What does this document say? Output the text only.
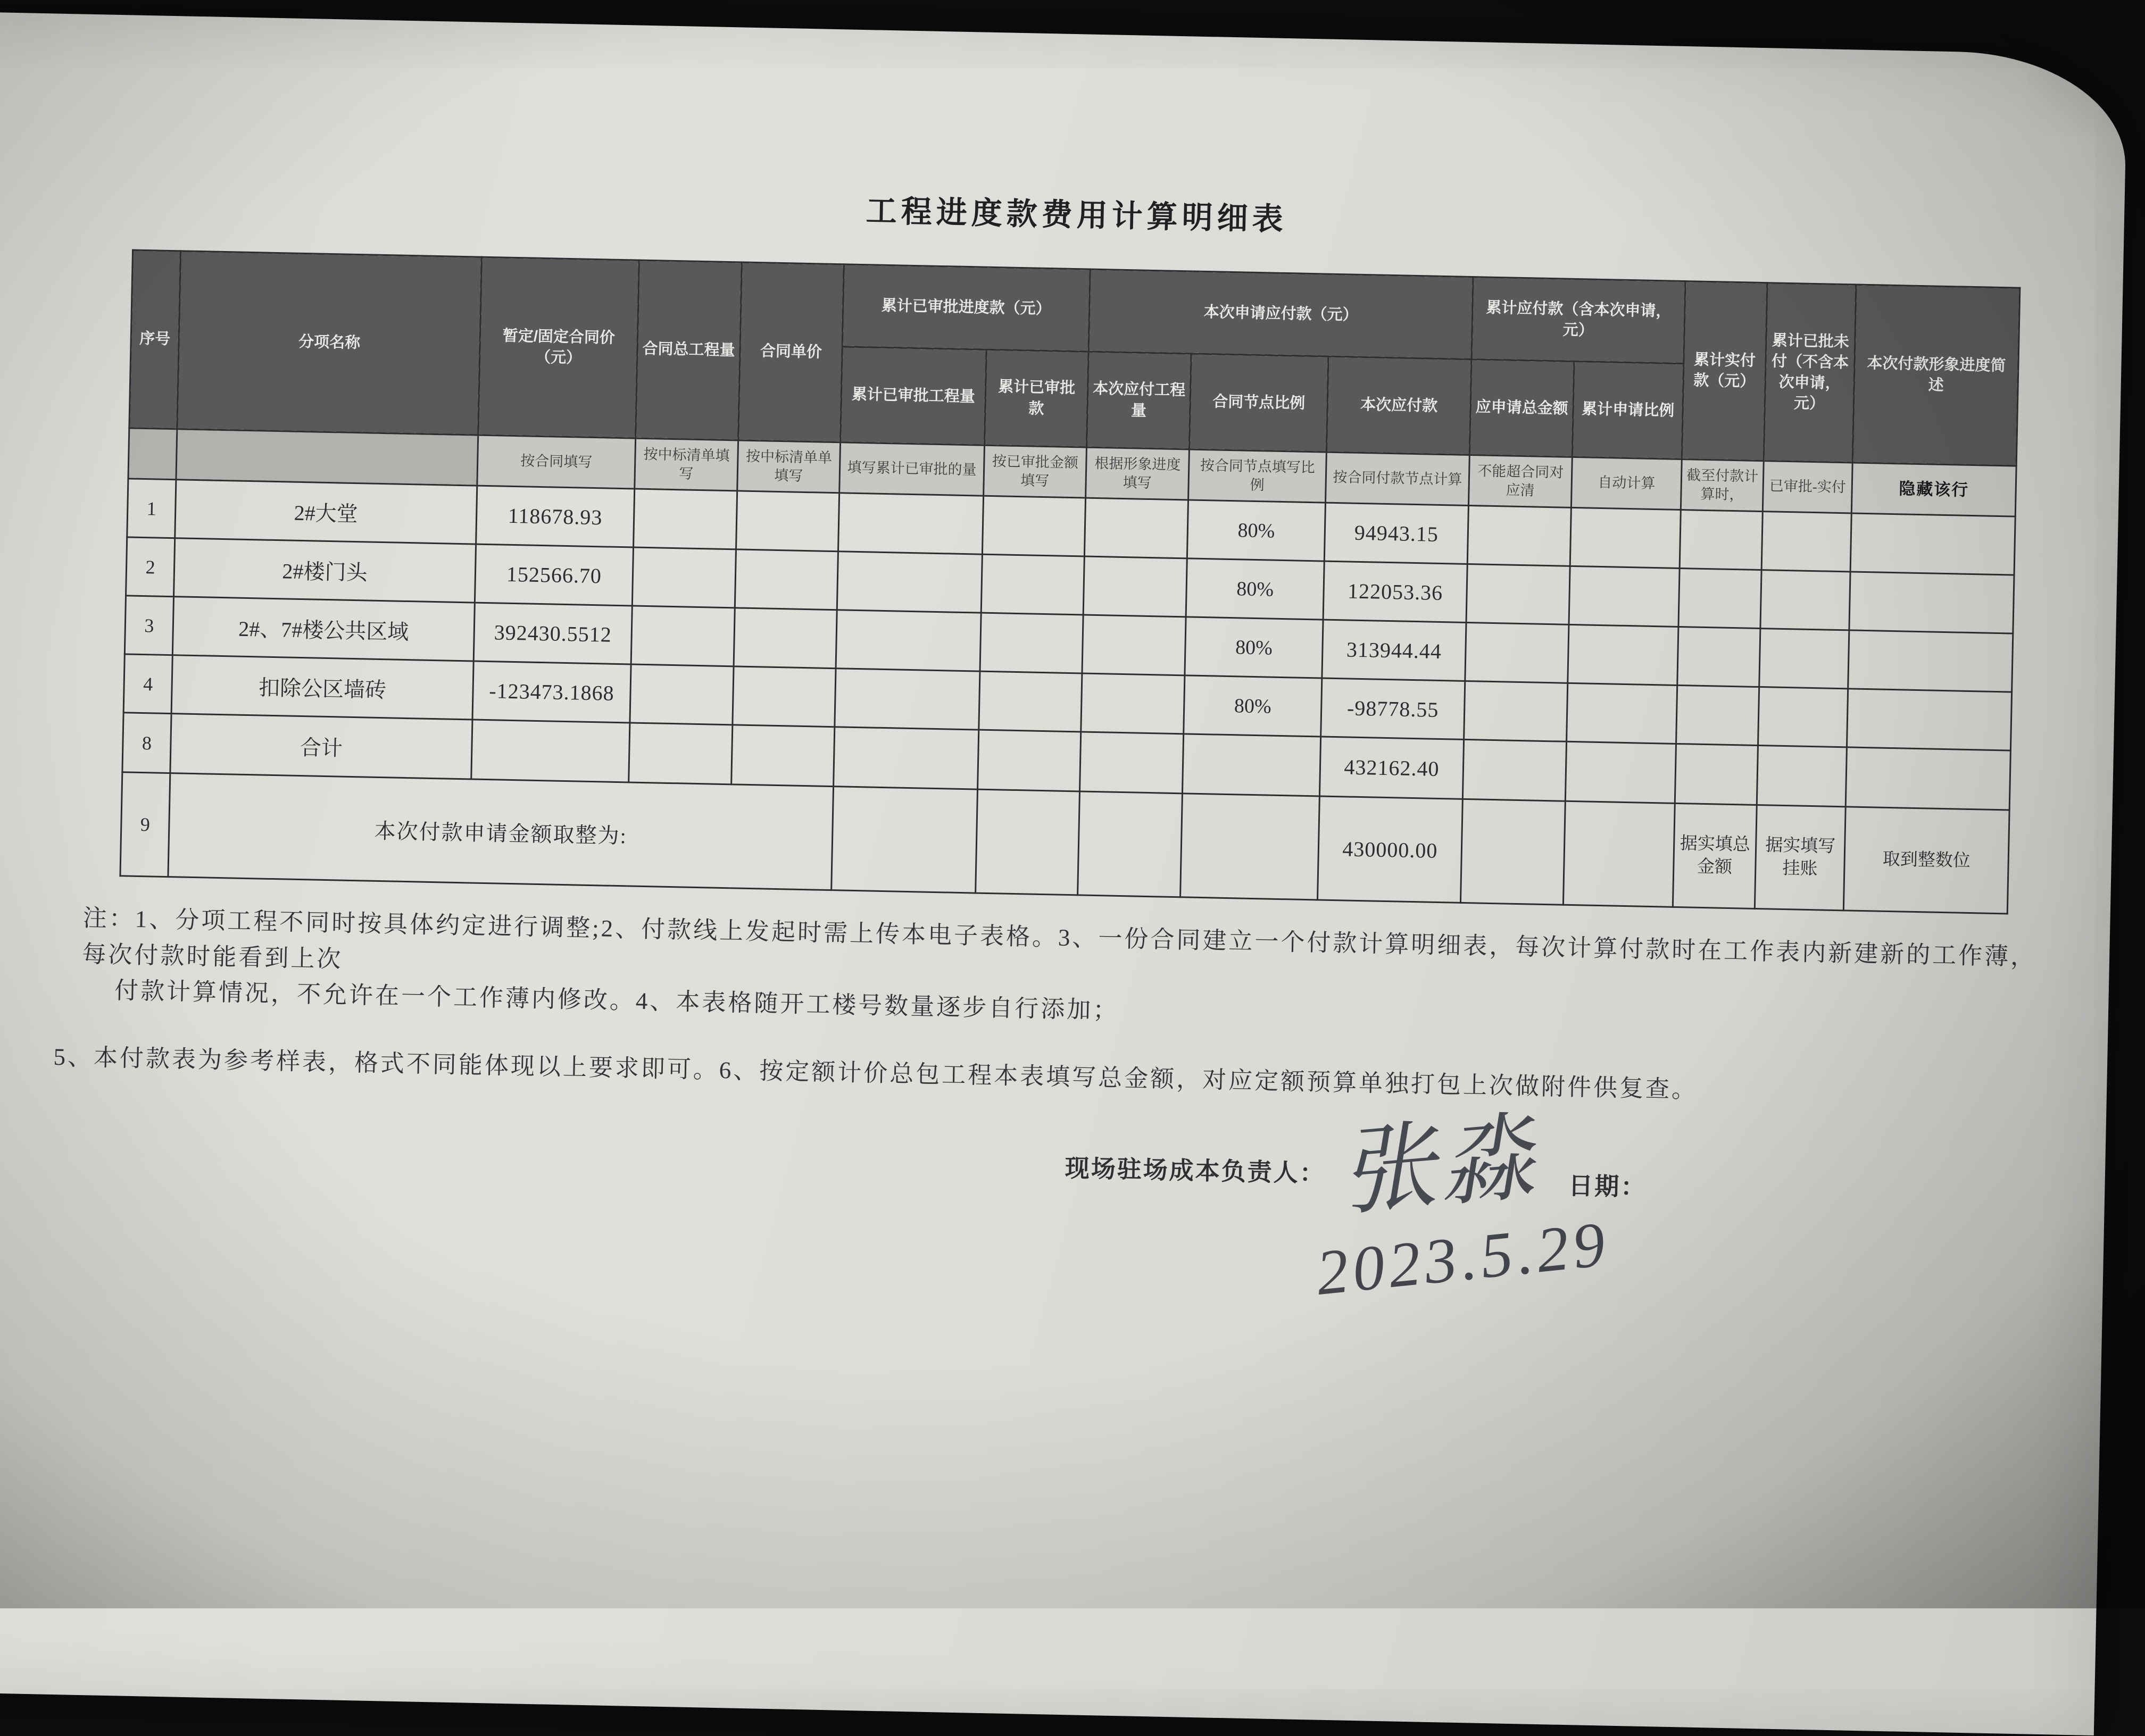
工程进度款费用计算明细表
序号	分项名称	暂定/固定合同价（元）	合同总工程量	合同单价	累计已审批进度款（元）		本次申请应付款（元）			累计应付款（含本次申请，元）		累计实付款（元）	累计已批未付（不含本次申请，元）	本次付款形象进度简述
					累计已审批工程量	累计已审批款	本次应付工程量	合同节点比例	本次应付款	应申请总金额	累计申请比例			
		按合同填写	按中标清单填写	按中标清单单填写	填写累计已审批的量	按已审批金额填写	根据形象进度填写	按合同节点填写比例	按合同付款节点计算	不能超合同对应清	自动计算	截至付款计算时，	已审批-实付	隐藏该行
1	2#大堂	118678.93						80%	94943.15					
2	2#楼门头	152566.70						80%	122053.36					
3	2#、7#楼公共区域	392430.5512						80%	313944.44					
4	扣除公区墙砖	-123473.1868						80%	-98778.55					
8	合计								432162.40					
9	本次付款申请金额取整为:								430000.00			据实填总金额	据实填写挂账	取到整数位
注：1、分项工程不同时按具体约定进行调整;2、付款线上发起时需上传本电子表格。3、一份合同建立一个付款计算明细表，每次计算付款时在工作表内新建新的工作薄，每次付款时能看到上次
付款计算情况，不允许在一个工作薄内修改。4、本表格随开工楼号数量逐步自行添加；
5、本付款表为参考样表，格式不同能体现以上要求即可。6、按定额计价总包工程本表填写总金额，对应定额预算单独打包上次做附件供复查。
现场驻场成本负责人： 张淼 日期：
2023.5.29
